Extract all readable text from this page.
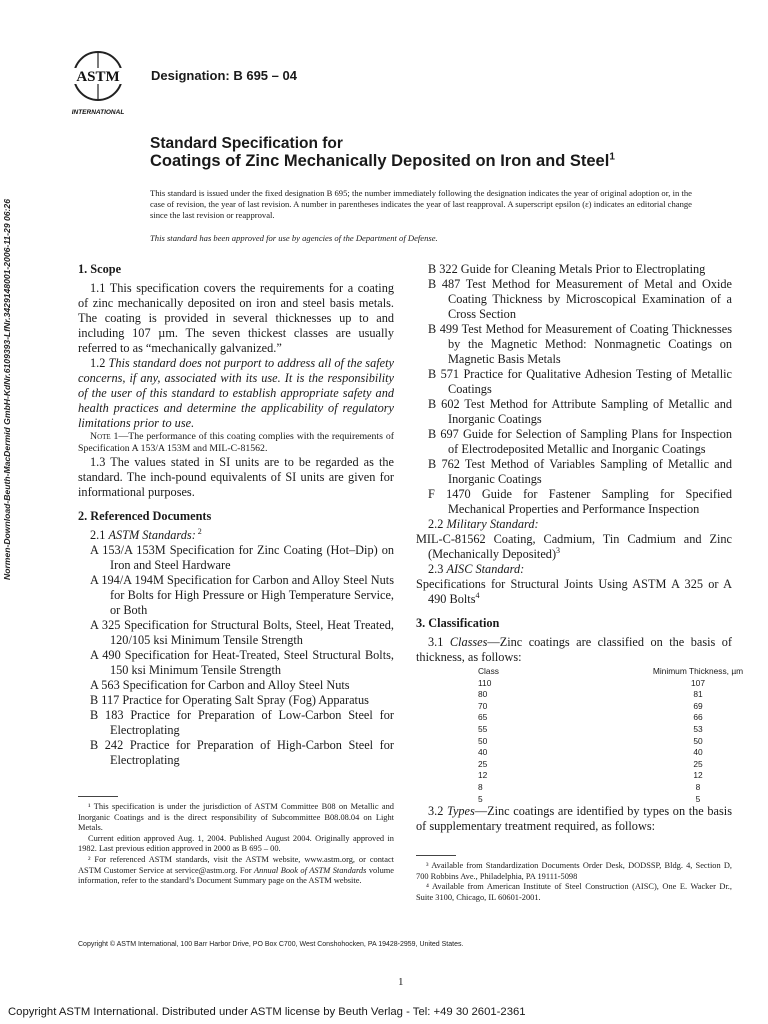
ASTM
INTERNATIONAL
Designation: B 695 – 04
Standard Specification for
Coatings of Zinc Mechanically Deposited on Iron and Steel$^1$
This standard is issued under the fixed designation B 695; the number immediately following the designation indicates the year of original adoption or, in the case of revision, the year of last revision. A number in parentheses indicates the year of last reapproval. A superscript epsilon (ε) indicates an editorial change since the last revision or reapproval.
This standard has been approved for use by agencies of the Department of Defense.

1. Scope

1.1 This specification covers the requirements for a coating of zinc mechanically deposited on iron and steel basis metals. The coating is provided in several thicknesses up to and including 107 µm. The seven thickest classes are usually referred to as “mechanically galvanized.”

1.2 This standard does not purport to address all of the safety concerns, if any, associated with its use. It is the responsibility of the user of this standard to establish appropriate safety and health practices and determine the applicability of regulatory limitations prior to use.

Note 1—The performance of this coating complies with the requirements of Specification A 153/A 153M and MIL-C-81562.

1.3 The values stated in SI units are to be regarded as the standard. The inch-pound equivalents of SI units are given for informational purposes.

2. Referenced Documents

2.1 ASTM Standards: $^2$

A 153/A 153M Specification for Zinc Coating (Hot–Dip) on Iron and Steel Hardware

A 194/A 194M Specification for Carbon and Alloy Steel Nuts for Bolts for High Pressure or High Temperature Service, or Both

A 325 Specification for Structural Bolts, Steel, Heat Treated, 120/105 ksi Minimum Tensile Strength

A 490 Specification for Heat-Treated, Steel Structural Bolts, 150 ksi Minimum Tensile Strength

A 563 Specification for Carbon and Alloy Steel Nuts

B 117 Practice for Operating Salt Spray (Fog) Apparatus

B 183 Practice for Preparation of Low-Carbon Steel for Electroplating

B 242 Practice for Preparation of High-Carbon Steel for Electroplating

¹ This specification is under the jurisdiction of ASTM Committee B08 on Metallic and Inorganic Coatings and is the direct responsibility of Subcommittee B08.08.04 on Light Metals.

Current edition approved Aug. 1, 2004. Published August 2004. Originally approved in 1982. Last previous edition approved in 2000 as B 695 – 00.

² For referenced ASTM standards, visit the ASTM website, www.astm.org, or contact ASTM Customer Service at service@astm.org. For Annual Book of ASTM Standards volume information, refer to the standard’s Document Summary page on the ASTM website.

B 322 Guide for Cleaning Metals Prior to Electroplating

B 487 Test Method for Measurement of Metal and Oxide Coating Thickness by Microscopical Examination of a Cross Section

B 499 Test Method for Measurement of Coating Thicknesses by the Magnetic Method: Nonmagnetic Coatings on Magnetic Basis Metals

B 571 Practice for Qualitative Adhesion Testing of Metallic Coatings

B 602 Test Method for Attribute Sampling of Metallic and Inorganic Coatings

B 697 Guide for Selection of Sampling Plans for Inspection of Electrodeposited Metallic and Inorganic Coatings

B 762 Test Method of Variables Sampling of Metallic and Inorganic Coatings

F 1470 Guide for Fastener Sampling for Specified Mechanical Properties and Performance Inspection

2.2 Military Standard:

MIL-C-81562 Coating, Cadmium, Tin Cadmium and Zinc (Mechanically Deposited)$^3$

2.3 AISC Standard:

Specifications for Structural Joints Using ASTM A 325 or A 490 Bolts$^4$

3. Classification

3.1 Classes—Zinc coatings are classified on the basis of thickness, as follows:

Class	Minimum Thickness, µm
110	107
80	81
70	69
65	66
55	53
50	50
40	40
25	25
12	12
8	8
5	5

3.2 Types—Zinc coatings are identified by types on the basis of supplementary treatment required, as follows:

³ Available from Standardization Documents Order Desk, DODSSP, Bldg. 4, Section D, 700 Robbins Ave., Philadelphia, PA 19111-5098

⁴ Available from American Institute of Steel Construction (AISC), One E. Wacker Dr., Suite 3100, Chicago, IL 60601-2001.

Copyright © ASTM International, 100 Barr Harbor Drive, PO Box C700, West Conshohocken, PA 19428-2959, United States.
1
Normen-Download-Beuth-MacDermid GmbH-KdNr.6109393-LfNr.3429148001-2006-11-29 06:26
Copyright ASTM International. Distributed under ASTM license by Beuth Verlag - Tel: +49 30 2601-2361
